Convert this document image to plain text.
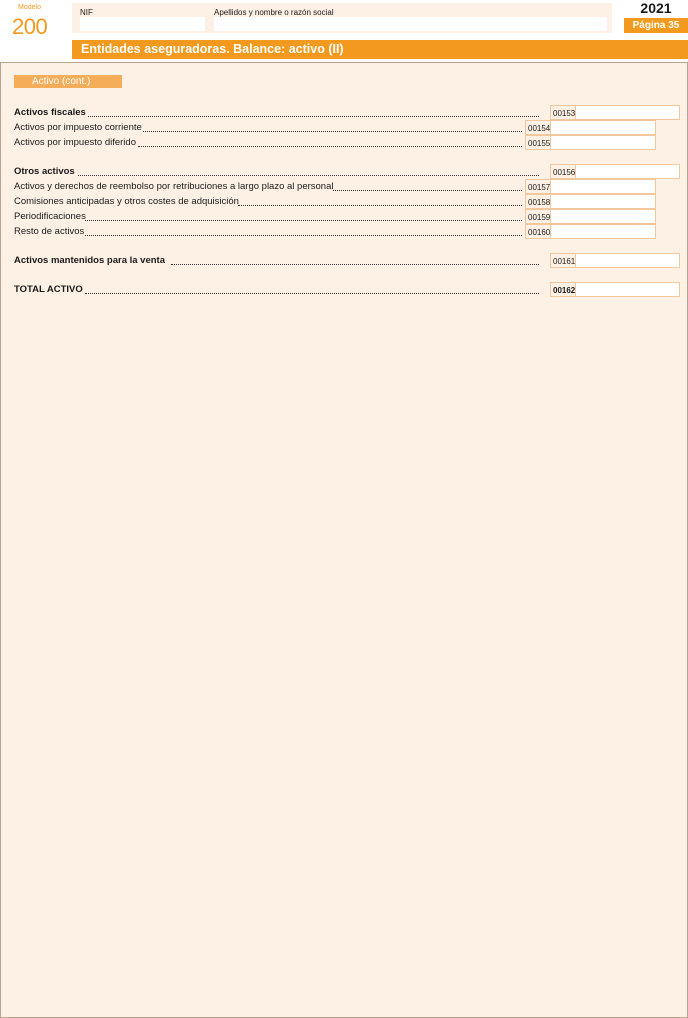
Modelo
200
NIF	Apellidos y nombre o razón social	2021
Página 35
Entidades aseguradoras. Balance: activo (II)
Activo (cont.)
Activos fiscales	00153
Activos por impuesto corriente	00154
Activos por impuesto diferido	00155
Otros activos	00156
Activos y derechos de reembolso por retribuciones a largo plazo al personal	00157
Comisiones anticipadas y otros costes de adquisición	00158
Periodificaciones	00159
Resto de activos	00160
Activos mantenidos para la venta	00161
TOTAL ACTIVO	00162
